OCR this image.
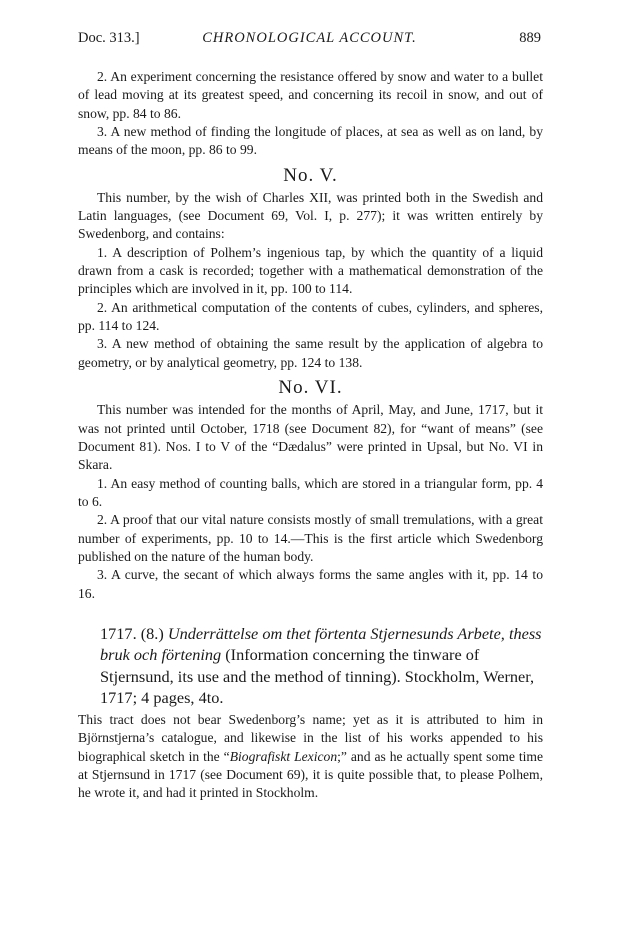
Doc. 313.]	CHRONOLOGICAL ACCOUNT.	889

2. An experiment concerning the resistance offered by snow and water to a bullet of lead moving at its greatest speed, and concerning its recoil in snow, and out of snow, pp. 84 to 86.

3. A new method of finding the longitude of places, at sea as well as on land, by means of the moon, pp. 86 to 99.

No. V.

This number, by the wish of Charles XII, was printed both in the Swedish and Latin languages, (see Document 69, Vol. I, p. 277); it was written entirely by Swedenborg, and contains:

1. A description of Polhem’s ingenious tap, by which the quantity of a liquid drawn from a cask is recorded; together with a mathematical demonstration of the principles which are involved in it, pp. 100 to 114.

2. An arithmetical computation of the contents of cubes, cylinders, and spheres, pp. 114 to 124.

3. A new method of obtaining the same result by the application of algebra to geometry, or by analytical geometry, pp. 124 to 138.

No. VI.

This number was intended for the months of April, May, and June, 1717, but it was not printed until October, 1718 (see Document 82), for “want of means” (see Document 81). Nos. I to V of the “Dædalus” were printed in Upsal, but No. VI in Skara.

1. An easy method of counting balls, which are stored in a triangular form, pp. 4 to 6.

2. A proof that our vital nature consists mostly of small tremulations, with a great number of experiments, pp. 10 to 14.—This is the first article which Swedenborg published on the nature of the human body.

3. A curve, the secant of which always forms the same angles with it, pp. 14 to 16.

1717. (8.) Underrättelse om thet förtenta Stjernesunds Arbete, thess bruk och förtening (Information concerning the tinware of Stjernsund, its use and the method of tinning). Stockholm, Werner, 1717; 4 pages, 4to.

This tract does not bear Swedenborg’s name; yet as it is attributed to him in Björnstjerna’s catalogue, and likewise in the list of his works appended to his biographical sketch in the “Biografiskt Lexicon;” and as he actually spent some time at Stjernsund in 1717 (see Document 69), it is quite possible that, to please Polhem, he wrote it, and had it printed in Stockholm.
